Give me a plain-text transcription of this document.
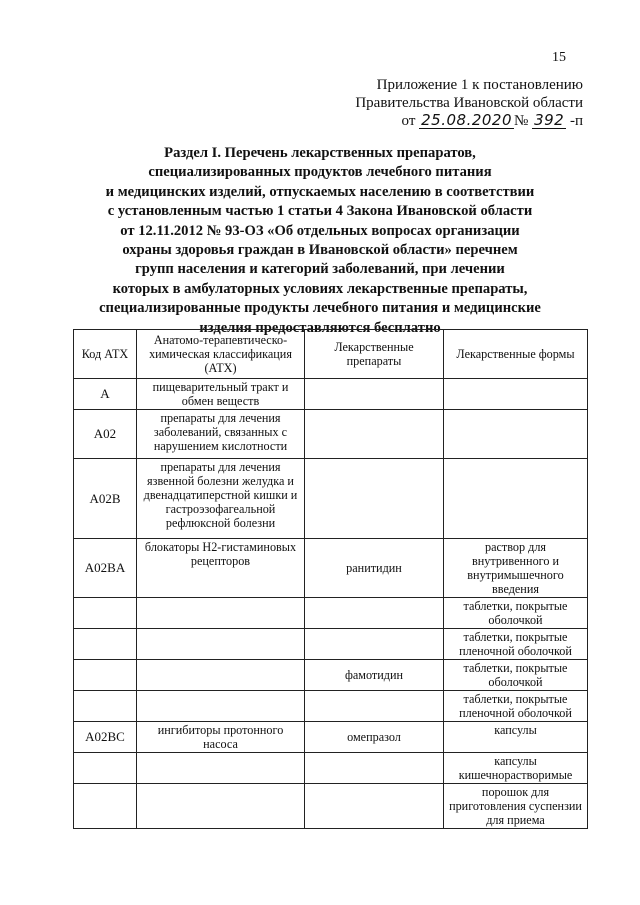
15
Приложение 1 к постановлению
Правительства Ивановской области
от 25.08.2020 № 392 -п
Раздел I. Перечень лекарственных препаратов,
специализированных продуктов лечебного питания
и медицинских изделий, отпускаемых населению в соответствии
с установленным частью 1 статьи 4 Закона Ивановской области
от 12.11.2012 № 93-ОЗ «Об отдельных вопросах организации
охраны здоровья граждан в Ивановской области» перечнем
групп населения и категорий заболеваний, при лечении
которых в амбулаторных условиях лекарственные препараты,
специализированные продукты лечебного питания и медицинские
изделия предоставляются бесплатно
Код АТХ	Анатомо-терапевтическо-химическая классификация (АТХ)	Лекарственные препараты	Лекарственные формы
A	пищеварительный тракт и обмен веществ		
A02	препараты для лечения заболеваний, связанных с нарушением кислотности		
A02B	препараты для лечения язвенной болезни желудка и двенадцатиперстной кишки и гастроэзофагеальной рефлюксной болезни		
A02BA	блокаторы H2-гистаминовых рецепторов	ранитидин	раствор для внутривенного и внутримышечного введения
			таблетки, покрытые оболочкой
			таблетки, покрытые пленочной оболочкой
		фамотидин	таблетки, покрытые оболочкой
			таблетки, покрытые пленочной оболочкой
A02BC	ингибиторы протонного насоса	омепразол	капсулы
			капсулы кишечнорастворимые
			порошок для приготовления суспензии для приема
